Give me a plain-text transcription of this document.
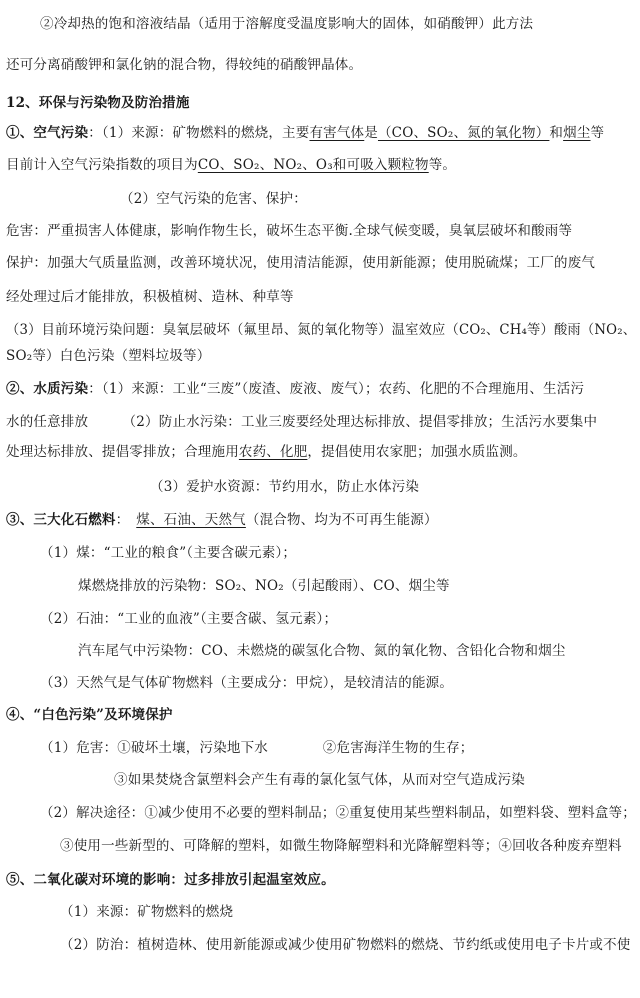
②冷却热的饱和溶液结晶（适用于溶解度受温度影响大的固体，如硝酸钾）此方法
还可分离硝酸钾和氯化钠的混合物，得较纯的硝酸钾晶体。
12、环保与污染物及防治措施
①、空气污染：（1）来源：矿物燃料的燃烧，主要有害气体是（CO、SO₂、氮的氧化物）和烟尘等
目前计入空气污染指数的项目为CO、SO₂、NO₂、O₃和可吸入颗粒物等。
（2）空气污染的危害、保护：
危害：严重损害人体健康，影响作物生长，破坏生态平衡.全球气候变暖，臭氧层破坏和酸雨等
保护：加强大气质量监测，改善环境状况，使用清洁能源，使用新能源；使用脱硫煤；工厂的废气
经处理过后才能排放，积极植树、造林、种草等
（3）目前环境污染问题：臭氧层破坏（氟里昂、氮的氧化物等）温室效应（CO₂、CH₄等）酸雨（NO₂、
SO₂等）白色污染（塑料垃圾等）
②、水质污染：（1）来源：工业“三废”（废渣、废液、废气）；农药、化肥的不合理施用、生活污
水的任意排放　　　（2）防止水污染：工业三废要经处理达标排放、提倡零排放；生活污水要集中
处理达标排放、提倡零排放；合理施用农药、化肥，提倡使用农家肥；加强水质监测。
（3）爱护水资源：节约用水，防止水体污染
③、三大化石燃料：　煤、石油、天然气（混合物、均为不可再生能源）
（1）煤：“工业的粮食”（主要含碳元素）；
煤燃烧排放的污染物：SO₂、NO₂（引起酸雨）、CO、烟尘等
（2）石油：“工业的血液”（主要含碳、氢元素）；
汽车尾气中污染物：CO、未燃烧的碳氢化合物、氮的氧化物、含铅化合物和烟尘
（3）天然气是气体矿物燃料（主要成分：甲烷），是较清洁的能源。
④、“白色污染”及环境保护
（1）危害：①破坏土壤，污染地下水　　　　②危害海洋生物的生存；
③如果焚烧含氯塑料会产生有毒的氯化氢气体，从而对空气造成污染
（2）解决途径：①减少使用不必要的塑料制品；②重复使用某些塑料制品，如塑料袋、塑料盒等；
③使用一些新型的、可降解的塑料，如微生物降解塑料和光降解塑料等；④回收各种废弃塑料
⑤、二氧化碳对环境的影响：过多排放引起温室效应。
（1）来源：矿物燃料的燃烧
（2）防治：植树造林、使用新能源或减少使用矿物燃料的燃烧、节约纸或使用电子卡片或不使
